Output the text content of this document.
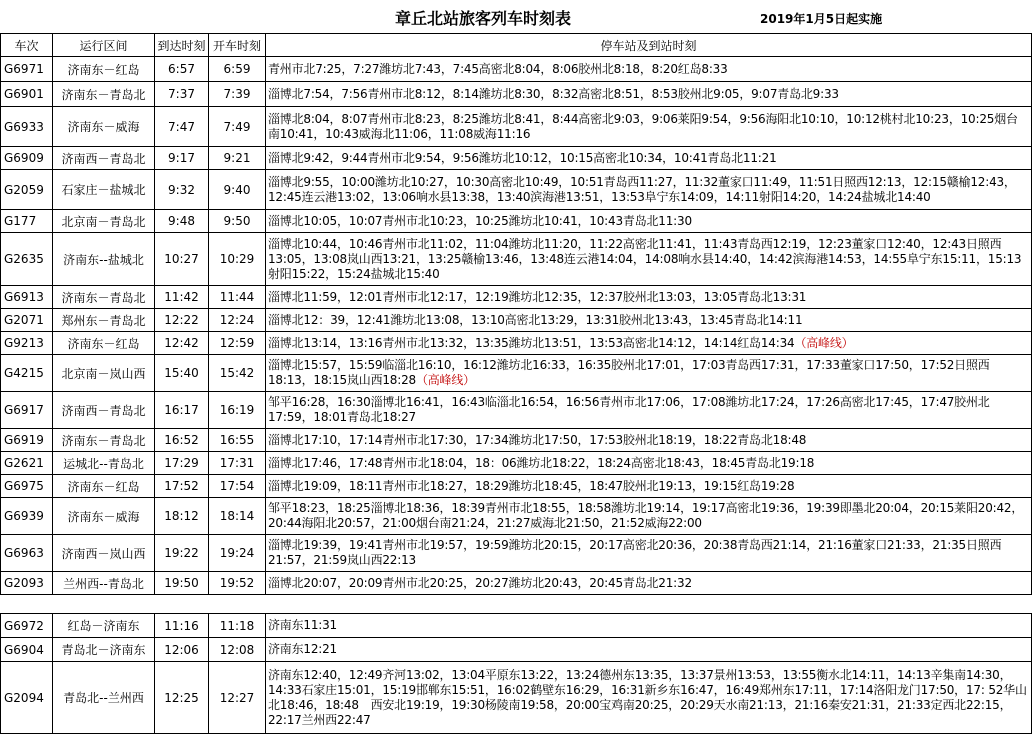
章丘北站旅客列车时刻表	2019年1月5日起实施
车次	运行区间	到达时刻	开车时刻	停车站及到站时刻
G6971	济南东－红岛	6:57	6:59	青州市北7:25，7:27潍坊北7:43，7:45高密北8:04，8:06胶州北8:18，8:20红岛8:33
G6901	济南东－青岛北	7:37	7:39	淄博北7:54，7:56青州市北8:12，8:14潍坊北8:30，8:32高密北8:51，8:53胶州北9:05，9:07青岛北9:33
G6933	济南东－威海	7:47	7:49	淄博北8:04，8:07青州市北8:23，8:25潍坊北8:41，8:44高密北9:03，9:06莱阳9:54，9:56海阳北10:10，10:12桃村北10:23，10:25烟台南10:41，10:43威海北11:06，11:08威海11:16
G6909	济南西－青岛北	9:17	9:21	淄博北9:42，9:44青州市北9:54，9:56潍坊北10:12，10:15高密北10:34，10:41青岛北11:21
G2059	石家庄－盐城北	9:32	9:40	淄博北9:55，10:00潍坊北10:27，10:30高密北10:49，10:51青岛西11:27，11:32董家口11:49，11:51日照西12:13，12:15赣榆12:43，12:45连云港13:02，13:06响水县13:38，13:40滨海港13:51，13:53阜宁东14:09，14:11射阳14:20，14:24盐城北14:40
G177	北京南－青岛北	9:48	9:50	淄博北10:05，10:07青州市北10:23，10:25潍坊北10:41，10:43青岛北11:30
G2635	济南东--盐城北	10:27	10:29	淄博北10:44，10:46青州市北11:02，11:04潍坊北11:20，11:22高密北11:41，11:43青岛西12:19，12:23董家口12:40，12:43日照西13:05，13:08岚山西13:21，13:25赣榆13:46，13:48连云港14:04，14:08响水县14:40，14:42滨海港14:53，14:55阜宁东15:11，15:13射阳15:22，15:24盐城北15:40
G6913	济南东－青岛北	11:42	11:44	淄博北11:59，12:01青州市北12:17，12:19潍坊北12:35，12:37胶州北13:03，13:05青岛北13:31
G2071	郑州东－青岛北	12:22	12:24	淄博北12：39，12:41潍坊北13:08，13:10高密北13:29，13:31胶州北13:43，13:45青岛北14:11
G9213	济南东－红岛	12:42	12:59	淄博北13:14，13:16青州市北13:32，13:35潍坊北13:51，13:53高密北14:12，14:14红岛14:34（高峰线）
G4215	北京南－岚山西	15:40	15:42	淄博北15:57，15:59临淄北16:10，16:12潍坊北16:33，16:35胶州北17:01，17:03青岛西17:31，17:33董家口17:50，17:52日照西18:13，18:15岚山西18:28（高峰线）
G6917	济南西－青岛北	16:17	16:19	邹平16:28，16:30淄博北16:41，16:43临淄北16:54，16:56青州市北17:06，17:08潍坊北17:24，17:26高密北17:45，17:47胶州北17:59，18:01青岛北18:27
G6919	济南东－青岛北	16:52	16:55	淄博北17:10，17:14青州市北17:30，17:34潍坊北17:50，17:53胶州北18:19，18:22青岛北18:48
G2621	运城北--青岛北	17:29	17:31	淄博北17:46，17:48青州市北18:04，18：06潍坊北18:22，18:24高密北18:43，18:45青岛北19:18
G6975	济南东－红岛	17:52	17:54	淄博北19:09，18:11青州市北18:27，18:29潍坊北18:45，18:47胶州北19:13，19:15红岛19:28
G6939	济南东－威海	18:12	18:14	邹平18:23，18:25淄博北18:36，18:39青州市北18:55，18:58潍坊北19:14，19:17高密北19:36，19:39即墨北20:04，20:15莱阳20:42，20:44海阳北20:57，21:00烟台南21:24，21:27威海北21:50，21:52威海22:00
G6963	济南西－岚山西	19:22	19:24	淄博北19:39，19:41青州市北19:57，19:59潍坊北20:15，20:17高密北20:36，20:38青岛西21:14，21:16董家口21:33，21:35日照西21:57，21:59岚山西22:13
G2093	兰州西--青岛北	19:50	19:52	淄博北20:07，20:09青州市北20:25，20:27潍坊北20:43，20:45青岛北21:32

G6972	红岛－济南东	11:16	11:18	济南东11:31
G6904	青岛北－济南东	12:06	12:08	济南东12:21
G2094	青岛北--兰州西	12:25	12:27	济南东12:40，12:49齐河13:02，13:04平原东13:22，13:24德州东13:35，13:37景州13:53，13:55衡水北14:11，14:13辛集南14:30，14:33石家庄15:01，15:19邯郸东15:51，16:02鹤壁东16:29，16:31新乡东16:47，16:49郑州东17:11，17:14洛阳龙门17:50，17: 52华山北18:46，18:48　西安北19:19，19:30杨陵南19:58，20:00宝鸡南20:25，20:29天水南21:13，21:16秦安21:31，21:33定西北22:15，22:17兰州西22:47
